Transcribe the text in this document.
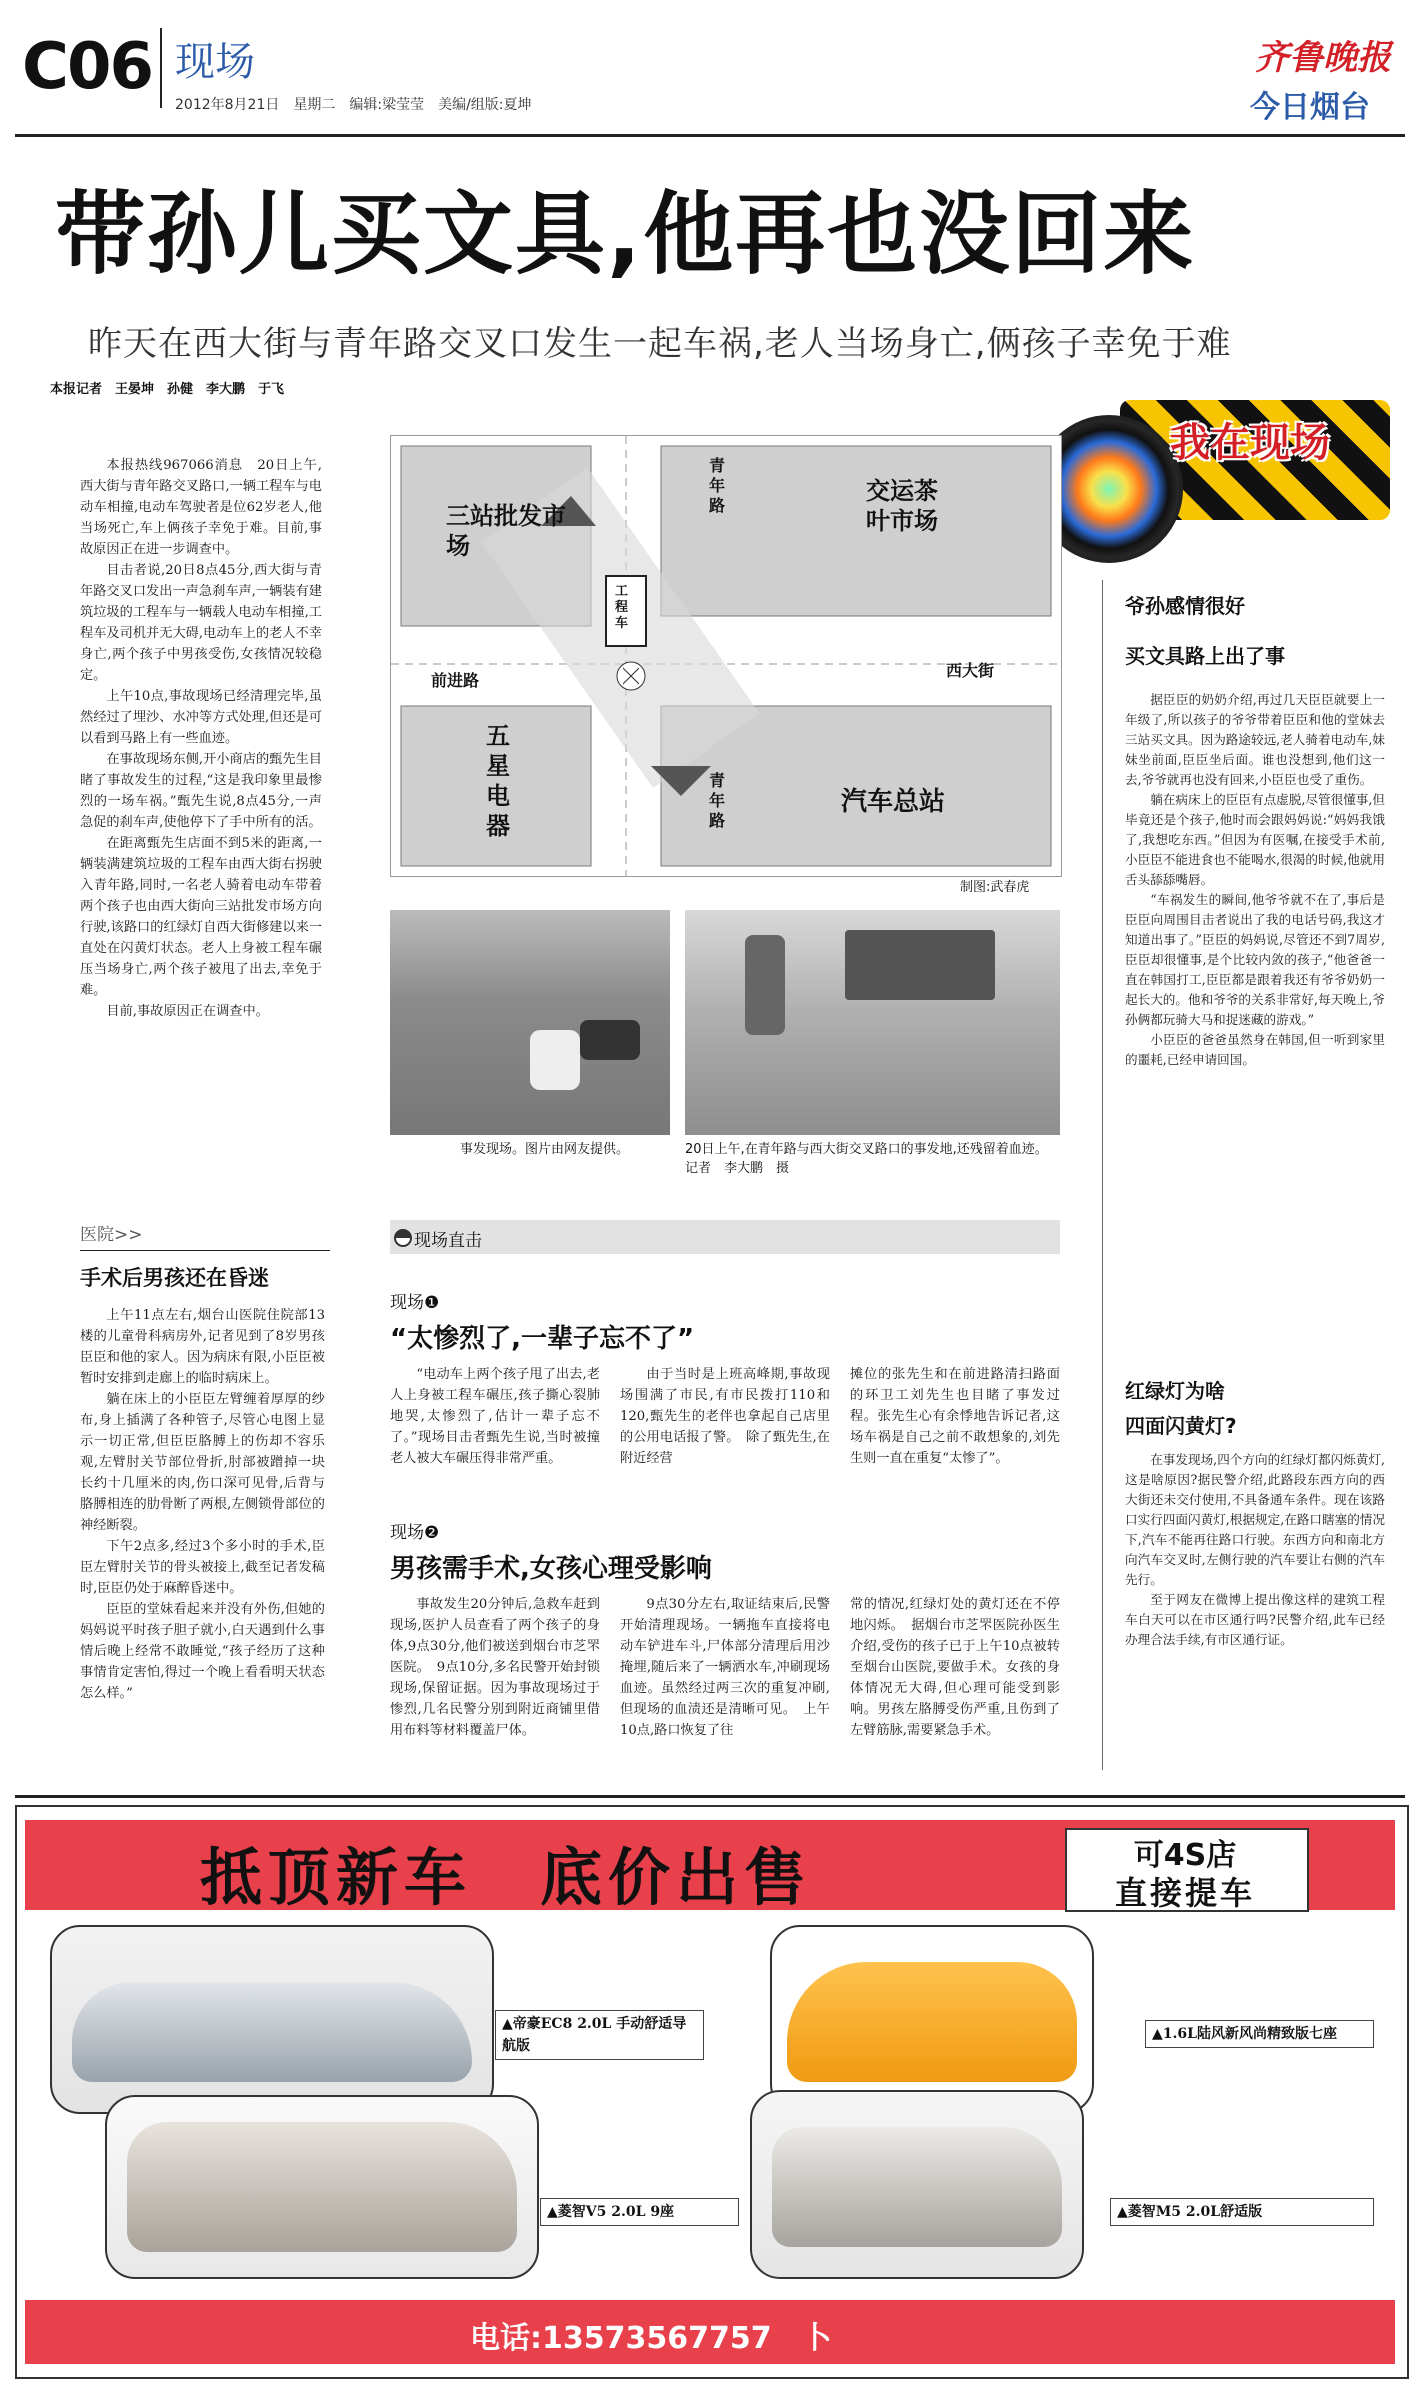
C06 现场
2012年8月21日　星期二　编辑:梁莹莹　美编/组版:夏坤
齐鲁晚报
今日烟台
带孙儿买文具,他再也没回来
昨天在西大街与青年路交叉口发生一起车祸,老人当场身亡,俩孩子幸免于难
本报记者　王晏坤　孙健　李大鹏　于飞
我在现场

本报热线967066消息　20日上午,西大街与青年路交叉路口,一辆工程车与电动车相撞,电动车驾驶者是位62岁老人,他当场死亡,车上俩孩子幸免于难。目前,事故原因正在进一步调查中。

目击者说,20日8点45分,西大街与青年路交叉口发出一声急刹车声,一辆装有建筑垃圾的工程车与一辆载人电动车相撞,工程车及司机并无大碍,电动车上的老人不幸身亡,两个孩子中男孩受伤,女孩情况较稳定。

上午10点,事故现场已经清理完毕,虽然经过了埋沙、水冲等方式处理,但还是可以看到马路上有一些血迹。

在事故现场东侧,开小商店的甄先生目睹了事故发生的过程,“这是我印象里最惨烈的一场车祸。”甄先生说,8点45分,一声急促的刹车声,使他停下了手中所有的活。

在距离甄先生店面不到5米的距离,一辆装满建筑垃圾的工程车由西大街右拐驶入青年路,同时,一名老人骑着电动车带着两个孩子也由西大街向三站批发市场方向行驶,该路口的红绿灯自西大街修建以来一直处在闪黄灯状态。老人上身被工程车碾压当场身亡,两个孩子被甩了出去,幸免于难。

目前,事故原因正在调查中。

三站批发市场
交运茶叶市场
五星电器
汽车总站
青年路
前进路
西大街
青年路
工程车
制图:武春虎
事发现场。图片由网友提供。	20日上午,在青年路与西大街交叉路口的事发地,还残留着血迹。　记者　李大鹏　摄
爷孙感情很好
买文具路上出了事

据臣臣的奶奶介绍,再过几天臣臣就要上一年级了,所以孩子的爷爷带着臣臣和他的堂妹去三站买文具。因为路途较远,老人骑着电动车,妹妹坐前面,臣臣坐后面。谁也没想到,他们这一去,爷爷就再也没有回来,小臣臣也受了重伤。

躺在病床上的臣臣有点虚脱,尽管很懂事,但毕竟还是个孩子,他时而会跟妈妈说:“妈妈我饿了,我想吃东西。”但因为有医嘱,在接受手术前,小臣臣不能进食也不能喝水,很渴的时候,他就用舌头舔舔嘴唇。

“车祸发生的瞬间,他爷爷就不在了,事后是臣臣向周围目击者说出了我的电话号码,我这才知道出事了。”臣臣的妈妈说,尽管还不到7周岁,臣臣却很懂事,是个比较内敛的孩子,“他爸爸一直在韩国打工,臣臣都是跟着我还有爷爷奶奶一起长大的。他和爷爷的关系非常好,每天晚上,爷孙俩都玩骑大马和捉迷藏的游戏。”

小臣臣的爸爸虽然身在韩国,但一听到家里的噩耗,已经申请回国。

红绿灯为啥
四面闪黄灯?

在事发现场,四个方向的红绿灯都闪烁黄灯,这是啥原因?据民警介绍,此路段东西方向的西大街还未交付使用,不具备通车条件。现在该路口实行四面闪黄灯,根据规定,在路口瞎塞的情况下,汽车不能再往路口行驶。东西方向和南北方向汽车交叉时,左侧行驶的汽车要让右侧的汽车先行。

至于网友在微博上提出像这样的建筑工程车白天可以在市区通行吗?民警介绍,此车已经办理合法手续,有市区通行证。

医院>>
手术后男孩还在昏迷

上午11点左右,烟台山医院住院部13楼的儿童骨科病房外,记者见到了8岁男孩臣臣和他的家人。因为病床有限,小臣臣被暂时安排到走廊上的临时病床上。

躺在床上的小臣臣左臂缠着厚厚的纱布,身上插满了各种管子,尽管心电图上显示一切正常,但臣臣胳膊上的伤却不容乐观,左臂肘关节部位骨折,肘部被蹭掉一块长约十几厘米的肉,伤口深可见骨,后背与胳膊相连的肋骨断了两根,左侧锁骨部位的神经断裂。

下午2点多,经过3个多小时的手术,臣臣左臂肘关节的骨头被接上,截至记者发稿时,臣臣仍处于麻醉昏迷中。

臣臣的堂妹看起来并没有外伤,但她的妈妈说平时孩子胆子就小,白天遇到什么事情后晚上经常不敢睡觉,“孩子经历了这种事情肯定害怕,得过一个晚上看看明天状态怎么样。”

现场直击
现场❶
“太惨烈了,一辈子忘不了”

“电动车上两个孩子甩了出去,老人上身被工程车碾压,孩子撕心裂肺地哭,太惨烈了,估计一辈子忘不了。”现场目击者甄先生说,当时被撞老人被大车碾压得非常严重。

由于当时是上班高峰期,事故现场围满了市民,有市民拨打110和120,甄先生的老伴也拿起自己店里的公用电话报了警。　除了甄先生,在附近经营

摊位的张先生和在前进路清扫路面的环卫工刘先生也目睹了事发过程。张先生心有余悸地告诉记者,这场车祸是自己之前不敢想象的,刘先生则一直在重复“太惨了”。

现场❷
男孩需手术,女孩心理受影响

事故发生20分钟后,急救车赶到现场,医护人员查看了两个孩子的身体,9点30分,他们被送到烟台市芝罘医院。　9点10分,多名民警开始封锁现场,保留证据。因为事故现场过于惨烈,几名民警分别到附近商铺里借用布料等材料覆盖尸体。

9点30分左右,取证结束后,民警开始清理现场。一辆拖车直接将电动车铲进车斗,尸体部分清理后用沙掩埋,随后来了一辆洒水车,冲刷现场血迹。虽然经过两三次的重复冲刷,但现场的血渍还是清晰可见。　上午10点,路口恢复了往

常的情况,红绿灯处的黄灯还在不停地闪烁。　据烟台市芝罘医院孙医生介绍,受伤的孩子已于上午10点被转至烟台山医院,要做手术。女孩的身体情况无大碍,但心理可能受到影响。男孩左胳膊受伤严重,且伤到了左臂筋脉,需要紧急手术。

抵顶新车　底价出售	可4S店
直接提车
▲帝豪EC8 2.0L 手动舒适导航版
▲1.6L陆风新风尚精致版七座
▲菱智V5 2.0L 9座	▲菱智M5 2.0L舒适版
电话:13573567757　卜
